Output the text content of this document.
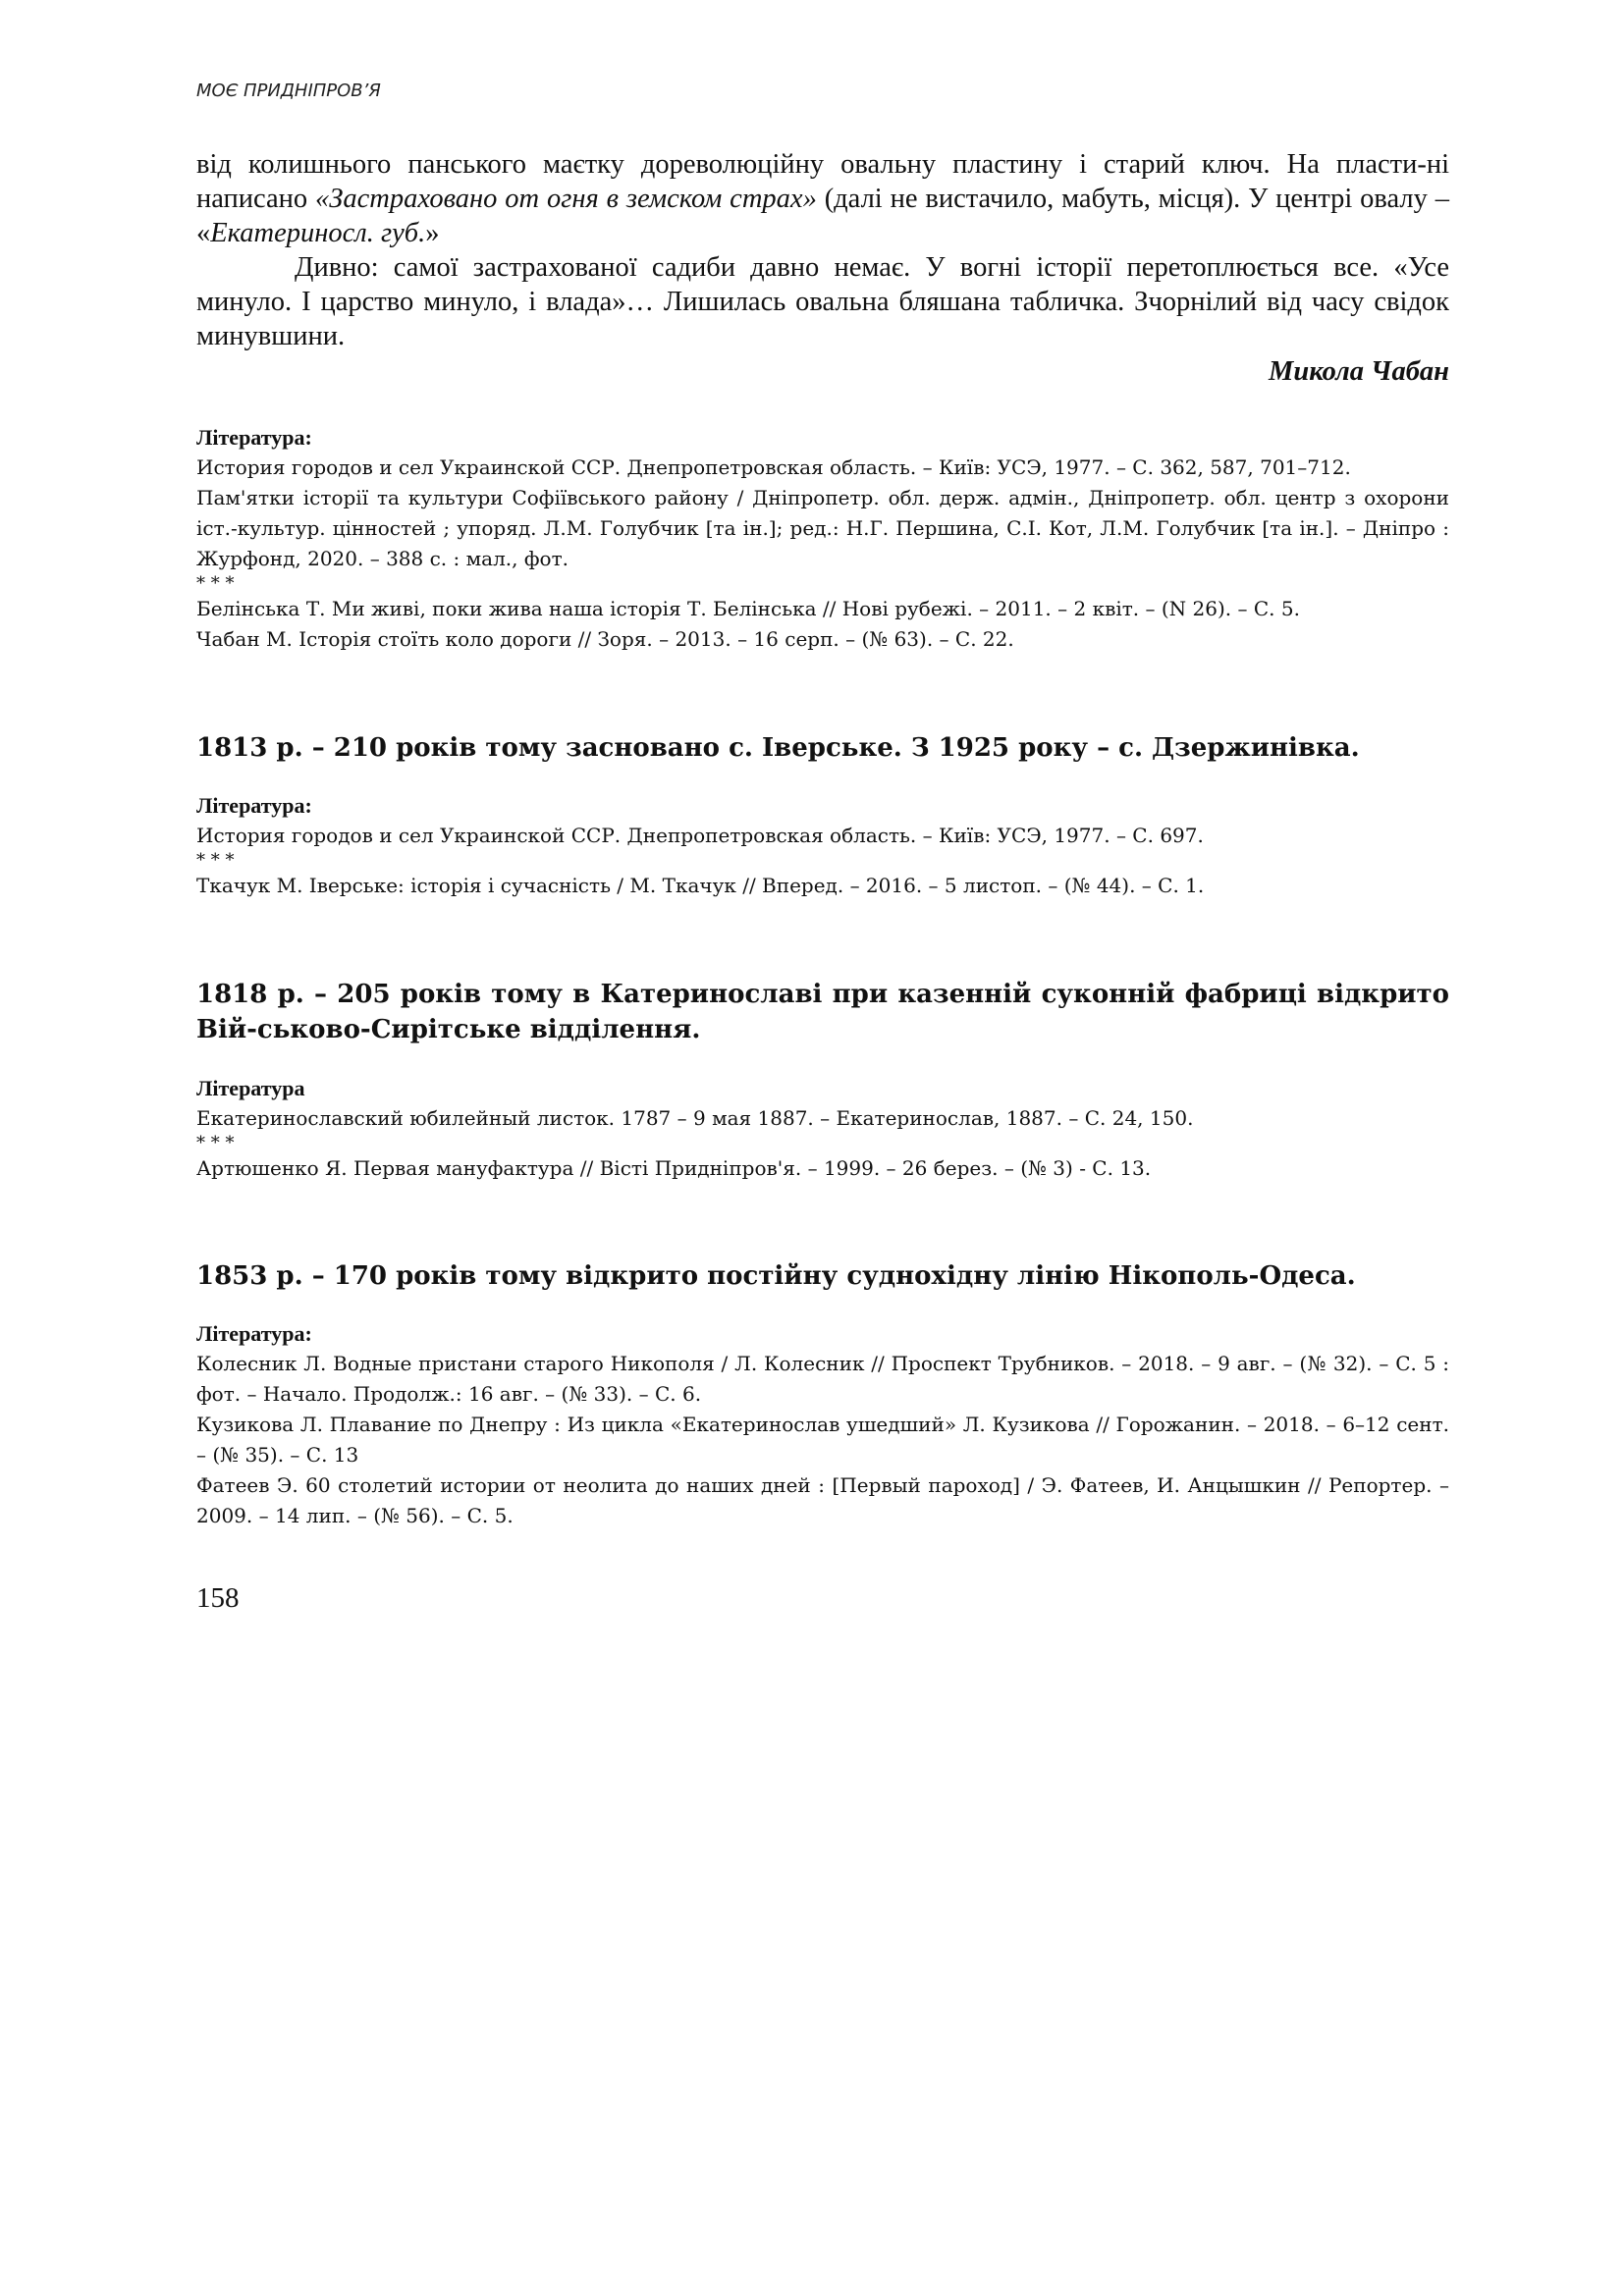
МОЄ ПРИДНІПРОВ’Я

від колишнього панського маєтку дореволюційну овальну пластину і старий ключ. На пласти-ні написано «Застраховано от огня в земском страх» (далі не вистачило, мабуть, місця). У центрі овалу – «Екатериносл. губ.»

Дивно: самої застрахованої садиби давно немає. У вогні історії перетоплюється все. «Усе минуло. І царство минуло, і влада»… Лишилась овальна бляшана табличка. Зчорнілий від часу свідок минувшини.

Микола Чабан

Література:

История городов и сел Украинской ССР. Днепропетровская область. – Київ: УСЭ, 1977. – С. 362, 587, 701–712.

Пам'ятки історії та культури Софіївського району / Дніпропетр. обл. держ. адмін., Дніпропетр. обл. центр з охорони іст.-культур. цінностей ; упоряд. Л.М. Голубчик [та ін.]; ред.: Н.Г. Першина, С.І. Кот, Л.М. Голубчик [та ін.]. – Дніпро : Журфонд, 2020. – 388 с. : мал., фот.

* * *

Белінська Т. Ми живі, поки жива наша історія Т. Белінська // Нові рубежі. – 2011. – 2 квіт. – (N 26). – С. 5.

Чабан М. Історія стоїть коло дороги // Зоря. – 2013. – 16 серп. – (№ 63). – С. 22.

1813 р. – 210 років тому засновано с. Іверське. З 1925 року – с. Дзержинівка.

Література:

История городов и сел Украинской ССР. Днепропетровская область. – Київ: УСЭ, 1977. – С. 697.

* * *

Ткачук М. Іверське: історія і сучасність / М. Ткачук // Вперед. – 2016. – 5 листоп. – (№ 44). – С. 1.

1818 р. – 205 років тому в Катеринославі при казенній суконній фабриці відкрито Вій-ськово-Сирітське відділення.

Література

Екатеринославский юбилейный листок. 1787 – 9 мая 1887. – Екатеринослав, 1887. – С. 24, 150.

* * *

Артюшенко Я. Первая мануфактура // Вісті Придніпров'я. – 1999. – 26 берез. – (№ 3) - С. 13.

1853 р. – 170 років тому відкрито постійну суднохідну лінію Нікополь-Одеса.

Література:

Колесник Л. Водные пристани старого Никополя / Л. Колесник // Проспект Трубников. – 2018. – 9 авг. – (№ 32). – С. 5 : фот. – Начало. Продолж.: 16 авг. – (№ 33). – С. 6.

Кузикова Л. Плавание по Днепру : Из цикла «Екатеринослав ушедший» Л. Кузикова // Горожанин. – 2018. – 6–12 сент. – (№ 35). – С. 13

Фатеев Э. 60 столетий истории от неолита до наших дней : [Первый пароход] / Э. Фатеев, И. Анцышкин // Репортер. – 2009. – 14 лип. – (№ 56). – С. 5.

158
